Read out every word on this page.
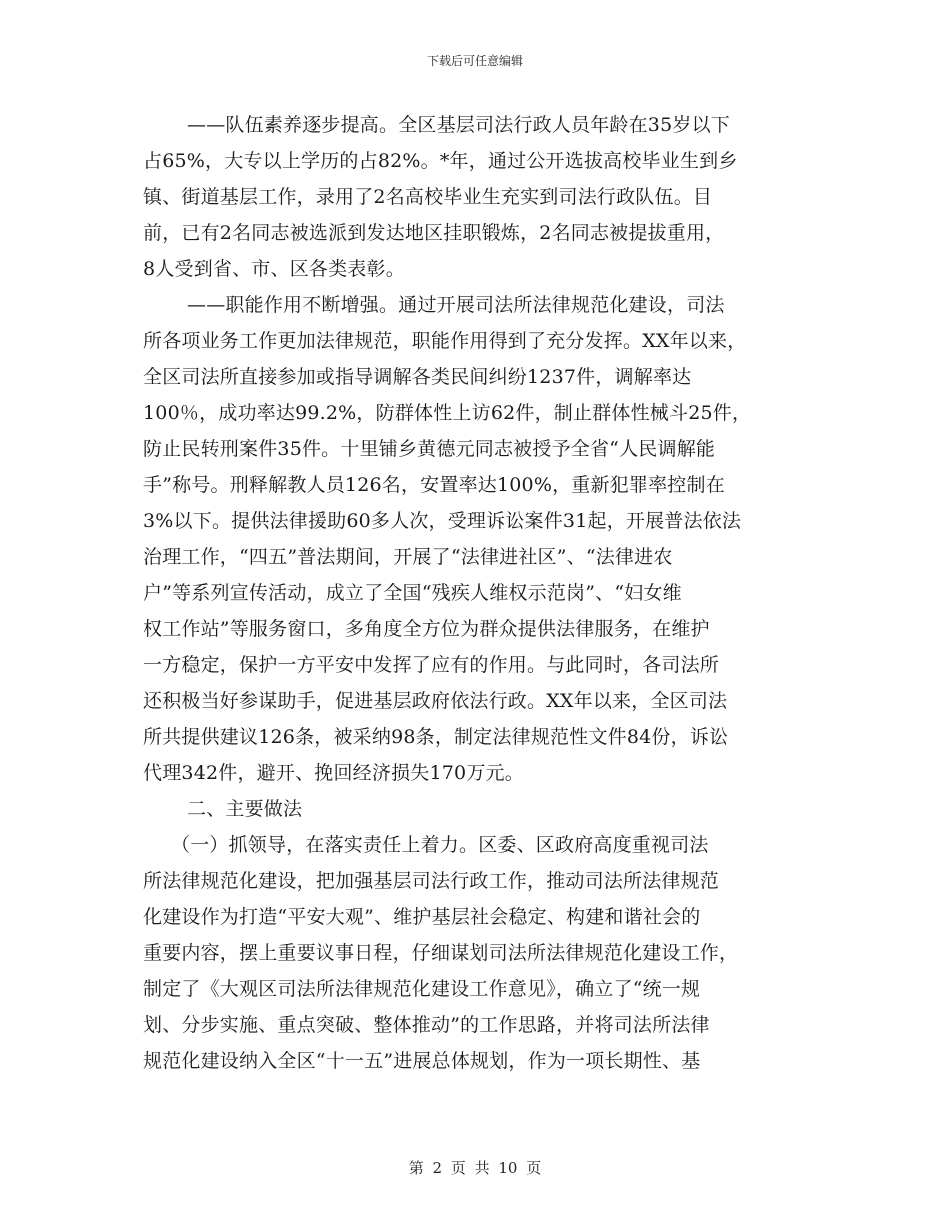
下载后可任意编辑
——队伍素养逐步提高。全区基层司法行政人员年龄在35岁以下
占65%，大专以上学历的占82%。*年，通过公开选拔高校毕业生到乡
镇、街道基层工作，录用了2名高校毕业生充实到司法行政队伍。目
前，已有2名同志被选派到发达地区挂职锻炼，2名同志被提拔重用，
8人受到省、市、区各类表彰。
——职能作用不断增强。通过开展司法所法律规范化建设，司法
所各项业务工作更加法律规范，职能作用得到了充分发挥。XX年以来，
全区司法所直接参加或指导调解各类民间纠纷1237件，调解率达
100％，成功率达99.2%，防群体性上访62件，制止群体性械斗25件，
防止民转刑案件35件。十里铺乡黄德元同志被授予全省“人民调解能
手”称号。刑释解教人员126名，安置率达100%，重新犯罪率控制在
3%以下。提供法律援助60多人次，受理诉讼案件31起，开展普法依法
治理工作，“四五”普法期间，开展了“法律进社区”、“法律进农
户”等系列宣传活动，成立了全国“残疾人维权示范岗”、“妇女维
权工作站”等服务窗口，多角度全方位为群众提供法律服务，在维护
一方稳定，保护一方平安中发挥了应有的作用。与此同时，各司法所
还积极当好参谋助手，促进基层政府依法行政。XX年以来，全区司法
所共提供建议126条，被采纳98条，制定法律规范性文件84份，诉讼
代理342件，避开、挽回经济损失170万元。
二、主要做法
（一）抓领导，在落实责任上着力。区委、区政府高度重视司法
所法律规范化建设，把加强基层司法行政工作，推动司法所法律规范
化建设作为打造“平安大观”、维护基层社会稳定、构建和谐社会的
重要内容，摆上重要议事日程，仔细谋划司法所法律规范化建设工作，
制定了《大观区司法所法律规范化建设工作意见》，确立了“统一规
划、分步实施、重点突破、整体推动”的工作思路，并将司法所法律
规范化建设纳入全区“十一五”进展总体规划，作为一项长期性、基
第 2 页 共 10 页
